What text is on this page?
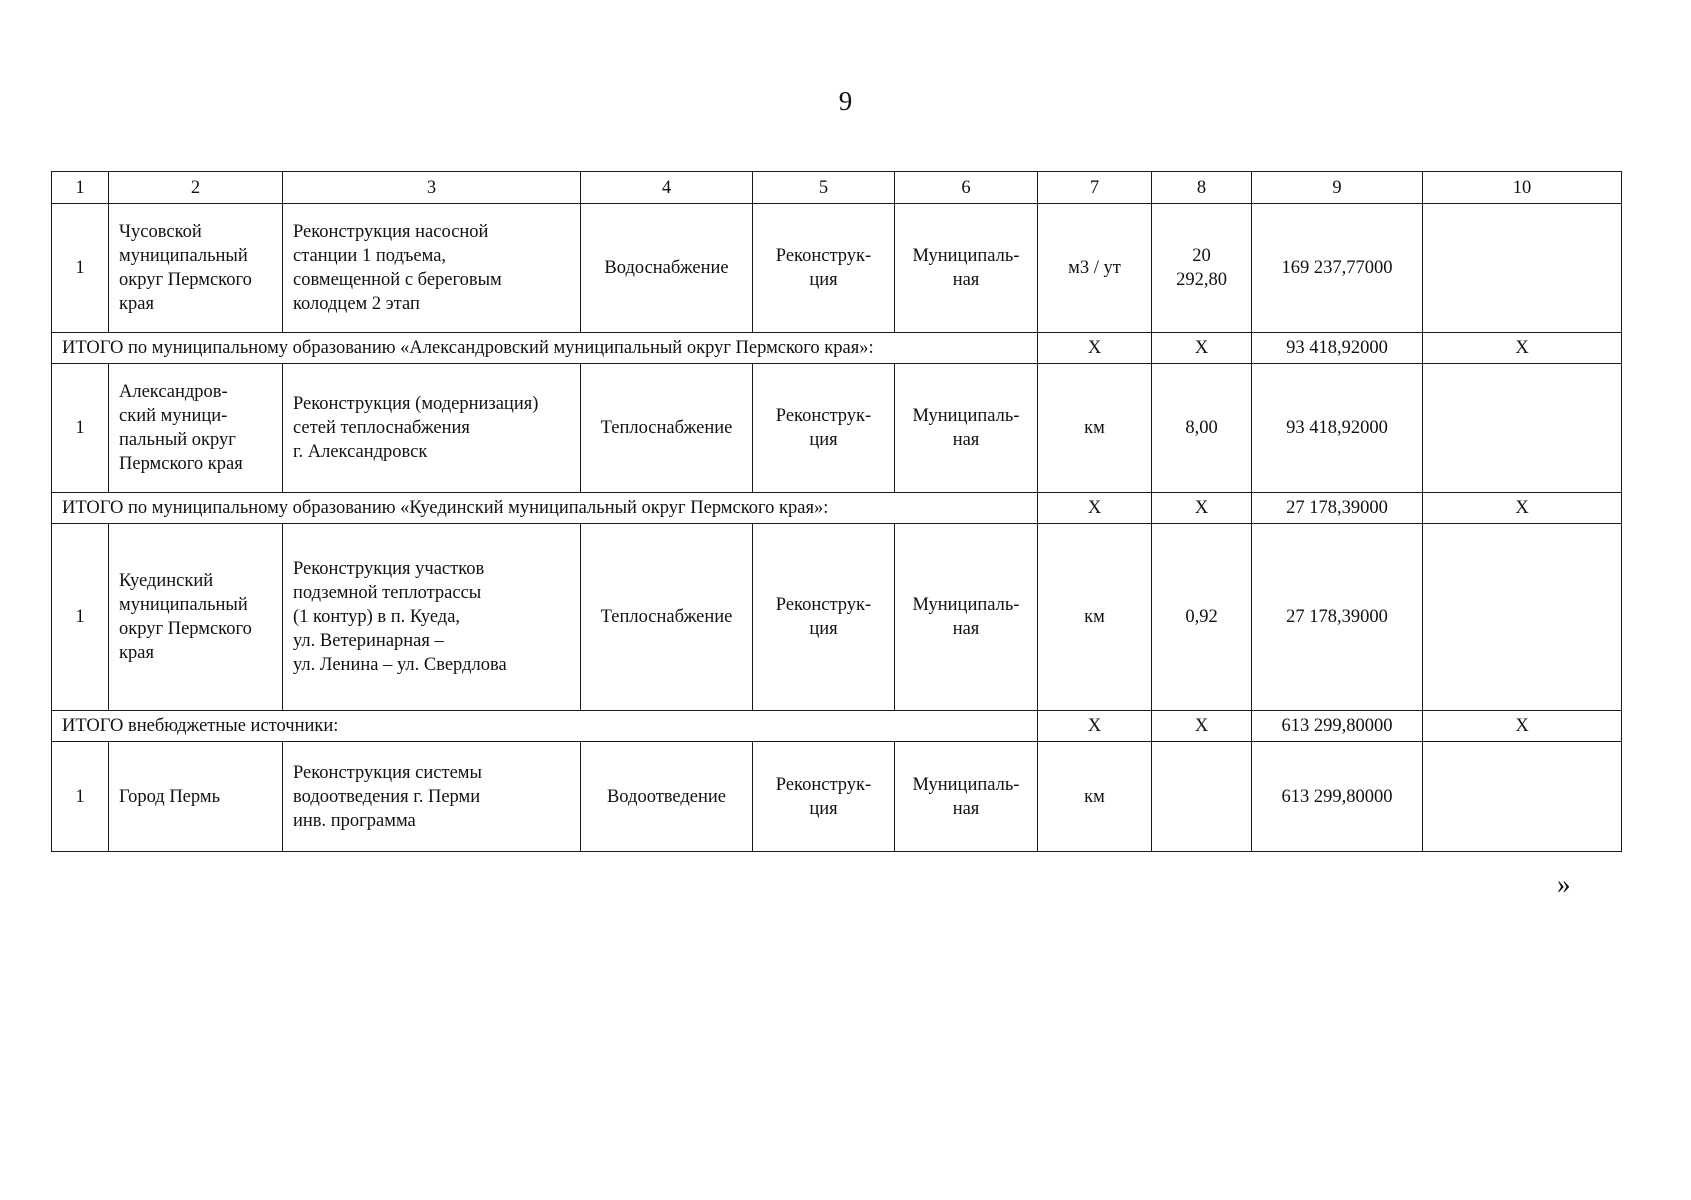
9
1	2	3	4	5	6	7	8	9	10
1	Чусовской
муниципальный
округ Пермского
края	Реконструкция насосной
станции 1 подъема,
совмещенной с береговым
колодцем 2 этап	Водоснабжение	Реконструк-
ция	Муниципаль-
ная	м3 / ут	20
292,80	169 237,77000	
ИТОГО по муниципальному образованию «Александровский муниципальный округ Пермского края»:						X	X	93 418,92000	X
1	Александров-
ский муници-
пальный округ
Пермского края	Реконструкция (модернизация)
сетей теплоснабжения
г. Александровск	Теплоснабжение	Реконструк-
ция	Муниципаль-
ная	км	8,00	93 418,92000	
ИТОГО по муниципальному образованию «Куединский муниципальный округ Пермского края»:						X	X	27 178,39000	X
1	Куединский
муниципальный
округ Пермского
края	Реконструкция участков
подземной теплотрассы
(1 контур) в п. Куеда,
ул. Ветеринарная –
ул. Ленина – ул. Свердлова	Теплоснабжение	Реконструк-
ция	Муниципаль-
ная	км	0,92	27 178,39000	
ИТОГО внебюджетные источники:						X	X	613 299,80000	X
1	Город Пермь	Реконструкция системы
водоотведения г. Перми
инв. программа	Водоотведение	Реконструк-
ция	Муниципаль-
ная	км		613 299,80000	
»
